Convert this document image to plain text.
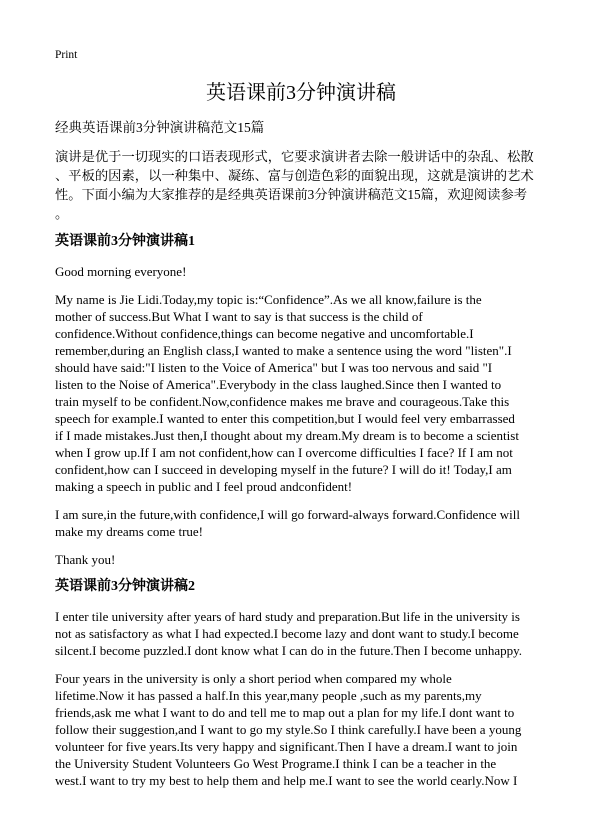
Print
英语课前3分钟演讲稿
经典英语课前3分钟演讲稿范文15篇
演讲是优于一切现实的口语表现形式，它要求演讲者去除一般讲话中的杂乱、松散
、平板的因素，以一种集中、凝练、富与创造色彩的面貌出现，这就是演讲的艺术
性。下面小编为大家推荐的是经典英语课前3分钟演讲稿范文15篇，欢迎阅读参考
。
英语课前3分钟演讲稿1

Good morning everyone!

My name is Jie Lidi.Today,my topic is:“Confidence”.As we all know,failure is the
mother of success.But What I want to say is that success is the child of
confidence.Without confidence,things can become negative and uncomfortable.I
remember,during an English class,I wanted to make a sentence using the word "listen".I
should have said:"I listen to the Voice of America" but I was too nervous and said "I
listen to the Noise of America".Everybody in the class laughed.Since then I wanted to
train myself to be confident.Now,confidence makes me brave and courageous.Take this
speech for example.I wanted to enter this competition,but I would feel very embarrassed
if I made mistakes.Just then,I thought about my dream.My dream is to become a scientist
when I grow up.If I am not confident,how can I overcome difficulties I face? If I am not
confident,how can I succeed in developing myself in the future? I will do it! Today,I am
making a speech in public and I feel proud andconfident!

I am sure,in the future,with confidence,I will go forward-always forward.Confidence will
make my dreams come true!

Thank you!

英语课前3分钟演讲稿2

I enter tile university after years of hard study and preparation.But life in the university is
not as satisfactory as what I had expected.I become lazy and dont want to study.I become
silcent.I become puzzled.I dont know what I can do in the future.Then I become unhappy.

Four years in the university is only a short period when compared my whole
lifetime.Now it has passed a half.In this year,many people ,such as my parents,my
friends,ask me what I want to do and tell me to map out a plan for my life.I dont want to
follow their suggestion,and I want to go my style.So I think carefully.I have been a young
volunteer for five years.Its very happy and significant.Then I have a dream.I want to join
the University Student Volunteers Go West Programe.I think I can be a teacher in the
west.I want to try my best to help them and help me.I want to see the world cearly.Now I
